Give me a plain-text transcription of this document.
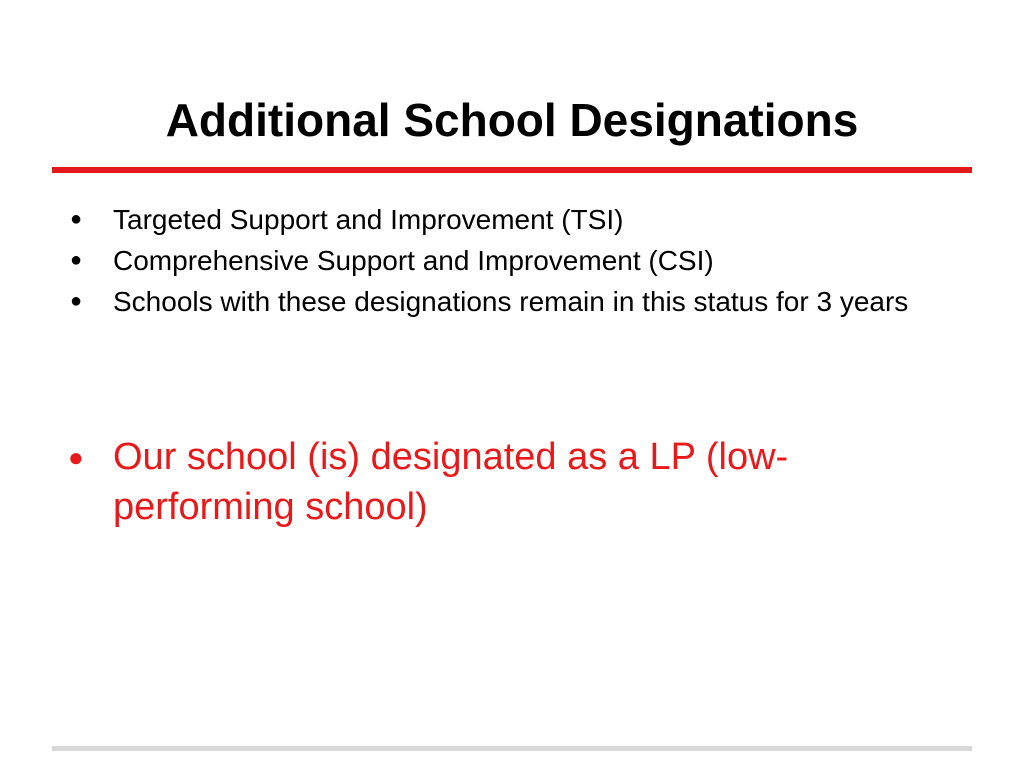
Additional School Designations
● Targeted Support and Improvement (TSI)
● Comprehensive Support and Improvement (CSI)
● Schools with these designations remain in this status for 3 years
● Our school (is) designated as a LP (low-performing school)
